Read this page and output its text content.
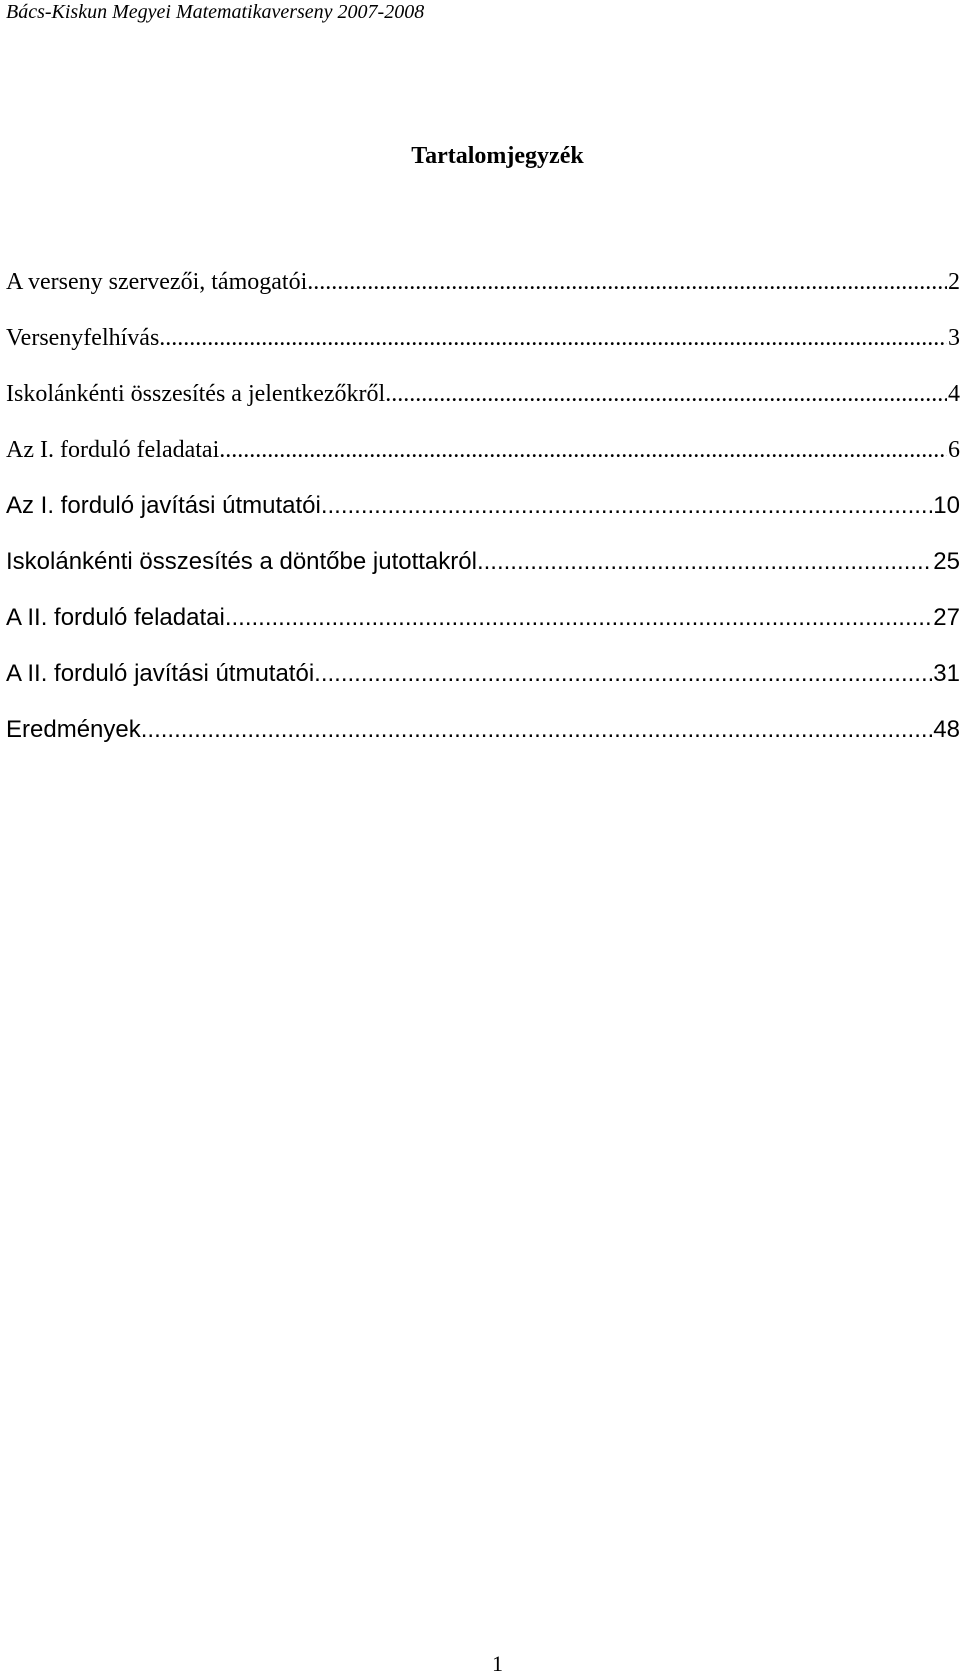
Bács-Kiskun Megyei Matematikaverseny 2007-2008
Tartalomjegyzék
A verseny szervezői, támogatói .....	2
Versenyfelhívás .....	3
Iskolánkénti összesítés a jelentkezőkről .....	4
Az I. forduló feladatai .....	6
Az I. forduló javítási útmutatói .....	10
Iskolánkénti összesítés a döntőbe jutottakról .....	25
A II. forduló feladatai .....	27
A II. forduló javítási útmutatói .....	31
Eredmények .....	48
1
